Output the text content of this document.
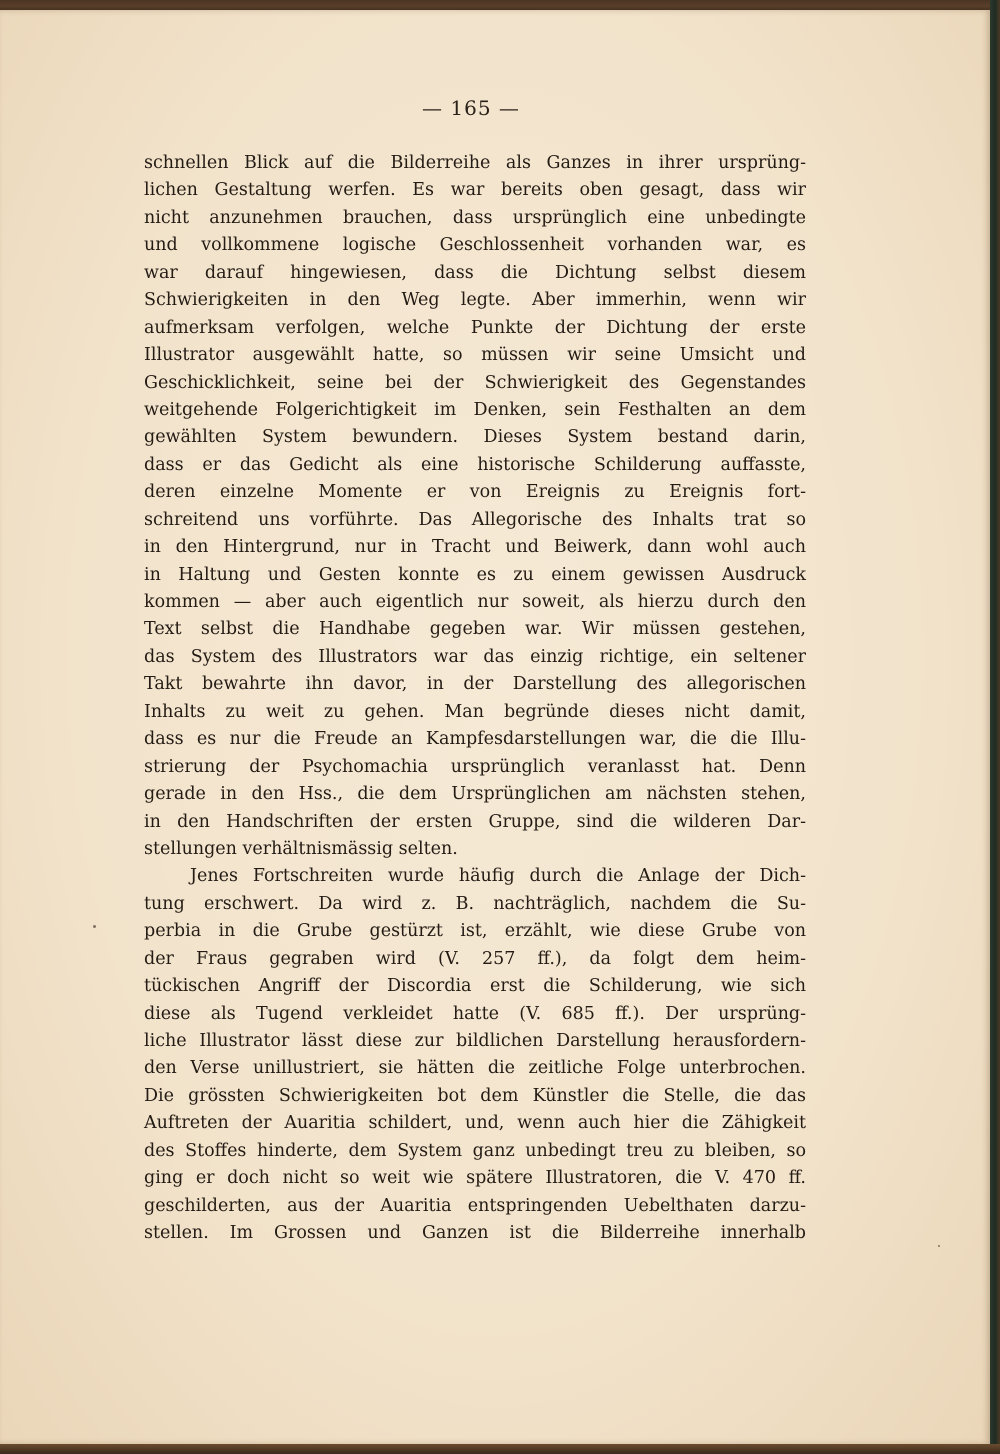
— 165 —
schnellen Blick auf die Bilderreihe als Ganzes in ihrer ursprüng-
lichen Gestaltung werfen. Es war bereits oben gesagt, dass wir
nicht anzunehmen brauchen, dass ursprünglich eine unbedingte
und vollkommene logische Geschlossenheit vorhanden war, es
war darauf hingewiesen, dass die Dichtung selbst diesem
Schwierigkeiten in den Weg legte. Aber immerhin, wenn wir
aufmerksam verfolgen, welche Punkte der Dichtung der erste
Illustrator ausgewählt hatte, so müssen wir seine Umsicht und
Geschicklichkeit, seine bei der Schwierigkeit des Gegenstandes
weitgehende Folgerichtigkeit im Denken, sein Festhalten an dem
gewählten System bewundern. Dieses System bestand darin,
dass er das Gedicht als eine historische Schilderung auffasste,
deren einzelne Momente er von Ereignis zu Ereignis fort-
schreitend uns vorführte. Das Allegorische des Inhalts trat so
in den Hintergrund, nur in Tracht und Beiwerk, dann wohl auch
in Haltung und Gesten konnte es zu einem gewissen Ausdruck
kommen — aber auch eigentlich nur soweit, als hierzu durch den
Text selbst die Handhabe gegeben war. Wir müssen gestehen,
das System des Illustrators war das einzig richtige, ein seltener
Takt bewahrte ihn davor, in der Darstellung des allegorischen
Inhalts zu weit zu gehen. Man begründe dieses nicht damit,
dass es nur die Freude an Kampfesdarstellungen war, die die Illu-
strierung der Psychomachia ursprünglich veranlasst hat. Denn
gerade in den Hss., die dem Ursprünglichen am nächsten stehen,
in den Handschriften der ersten Gruppe, sind die wilderen Dar-
stellungen verhältnismässig selten.
Jenes Fortschreiten wurde häufig durch die Anlage der Dich-
tung erschwert. Da wird z. B. nachträglich, nachdem die Su-
perbia in die Grube gestürzt ist, erzählt, wie diese Grube von
der Fraus gegraben wird (V. 257 ff.), da folgt dem heim-
tückischen Angriff der Discordia erst die Schilderung, wie sich
diese als Tugend verkleidet hatte (V. 685 ff.). Der ursprüng-
liche Illustrator lässt diese zur bildlichen Darstellung herausfordern-
den Verse unillustriert, sie hätten die zeitliche Folge unterbrochen.
Die grössten Schwierigkeiten bot dem Künstler die Stelle, die das
Auftreten der Auaritia schildert, und, wenn auch hier die Zähigkeit
des Stoffes hinderte, dem System ganz unbedingt treu zu bleiben, so
ging er doch nicht so weit wie spätere Illustratoren, die V. 470 ff.
geschilderten, aus der Auaritia entspringenden Uebelthaten darzu-
stellen. Im Grossen und Ganzen ist die Bilderreihe innerhalb
